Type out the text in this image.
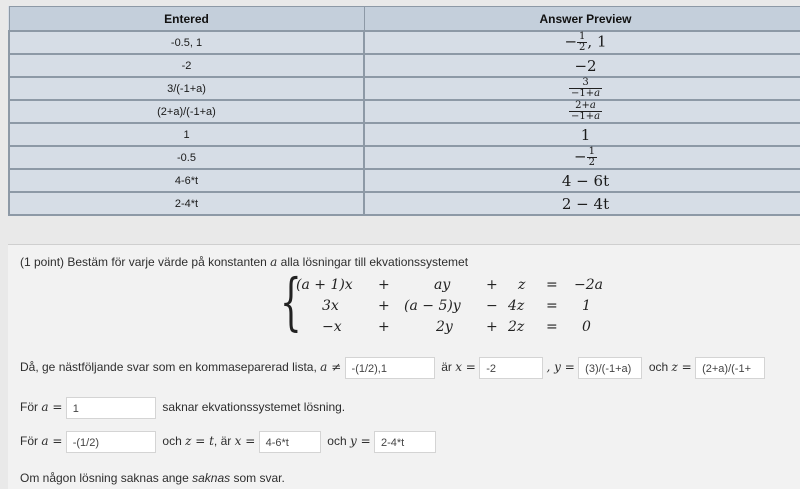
Entered	Answer Preview
-0.5, 1	− $\frac{1}{2}$ , 1
-2	−2
3/(-1+a)	$\frac{3}{-1+a}$

(2+a)/(-1+a)	$\frac{2+a}{-1+a}$

1	1
-0.5	− $\frac{1}{2}$

4-6*t	4 − 6t
2-4*t	2 − 4t
(1 point) Bestäm för varje värde på konstanten a alla lösningar till ekvationssystemet
{
(a + 1)x +	ay	+ z = −2a
3x	+ (a − 5)y − 4z = 1
−x	+	2y + 2z = 0
Då, ge nästföljande svar som en kommaseparerad lista, a ≠ -(1/2),1	är x = -2	, y = (3)/(-1+a) och z = (2+a)/(-1+
För a = 1	saknar ekvationssystemet lösning.
För a = -(1/2)	och z = t, är x = 4-6*t	och y = 2-4*t
Om någon lösning saknas ange saknas som svar.
